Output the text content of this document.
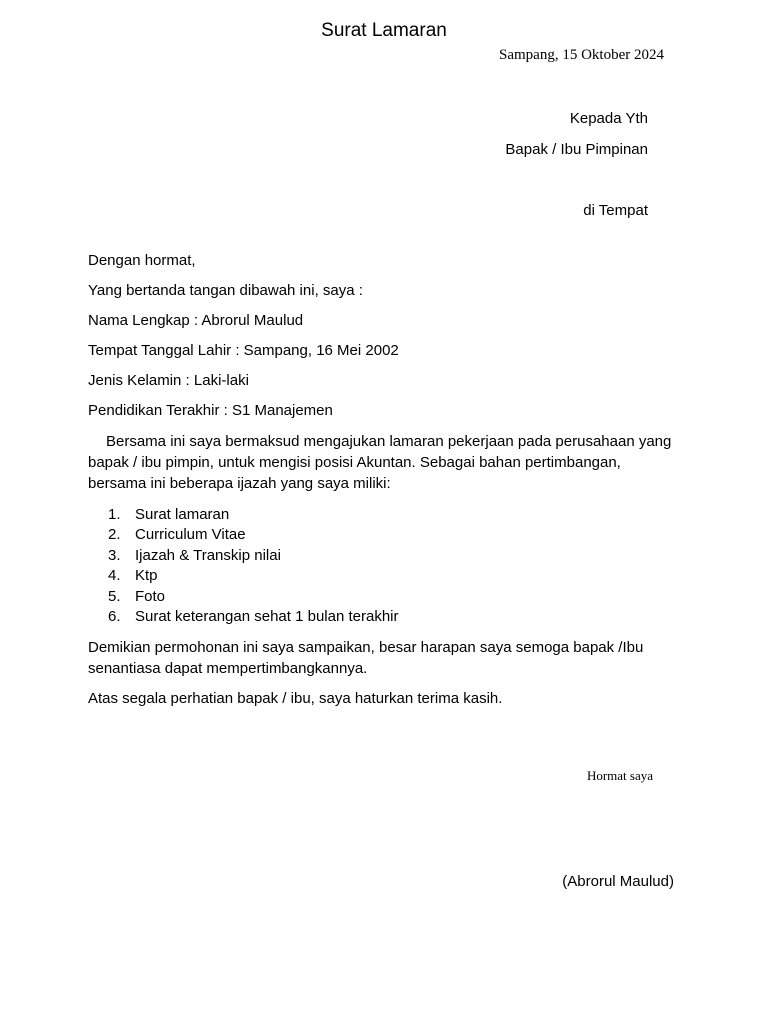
Surat Lamaran
Sampang, 15 Oktober 2024
Kepada Yth
Bapak / Ibu Pimpinan
di Tempat
Dengan hormat,
Yang bertanda tangan dibawah ini, saya :
Nama Lengkap : Abrorul Maulud
Tempat Tanggal Lahir : Sampang, 16 Mei 2002
Jenis Kelamin : Laki-laki
Pendidikan Terakhir : S1 Manajemen
Bersama ini saya bermaksud mengajukan lamaran pekerjaan pada perusahaan yang
bapak / ibu pimpin, untuk mengisi posisi Akuntan. Sebagai bahan pertimbangan,
bersama ini beberapa ijazah yang saya miliki:
1. Surat lamaran
2. Curriculum Vitae
3. Ijazah & Transkip nilai
4. Ktp
5. Foto
6. Surat keterangan sehat 1 bulan terakhir
Demikian permohonan ini saya sampaikan, besar harapan saya semoga bapak /Ibu
senantiasa dapat mempertimbangkannya.
Atas segala perhatian bapak / ibu, saya haturkan terima kasih.
Hormat saya
(Abrorul Maulud)
